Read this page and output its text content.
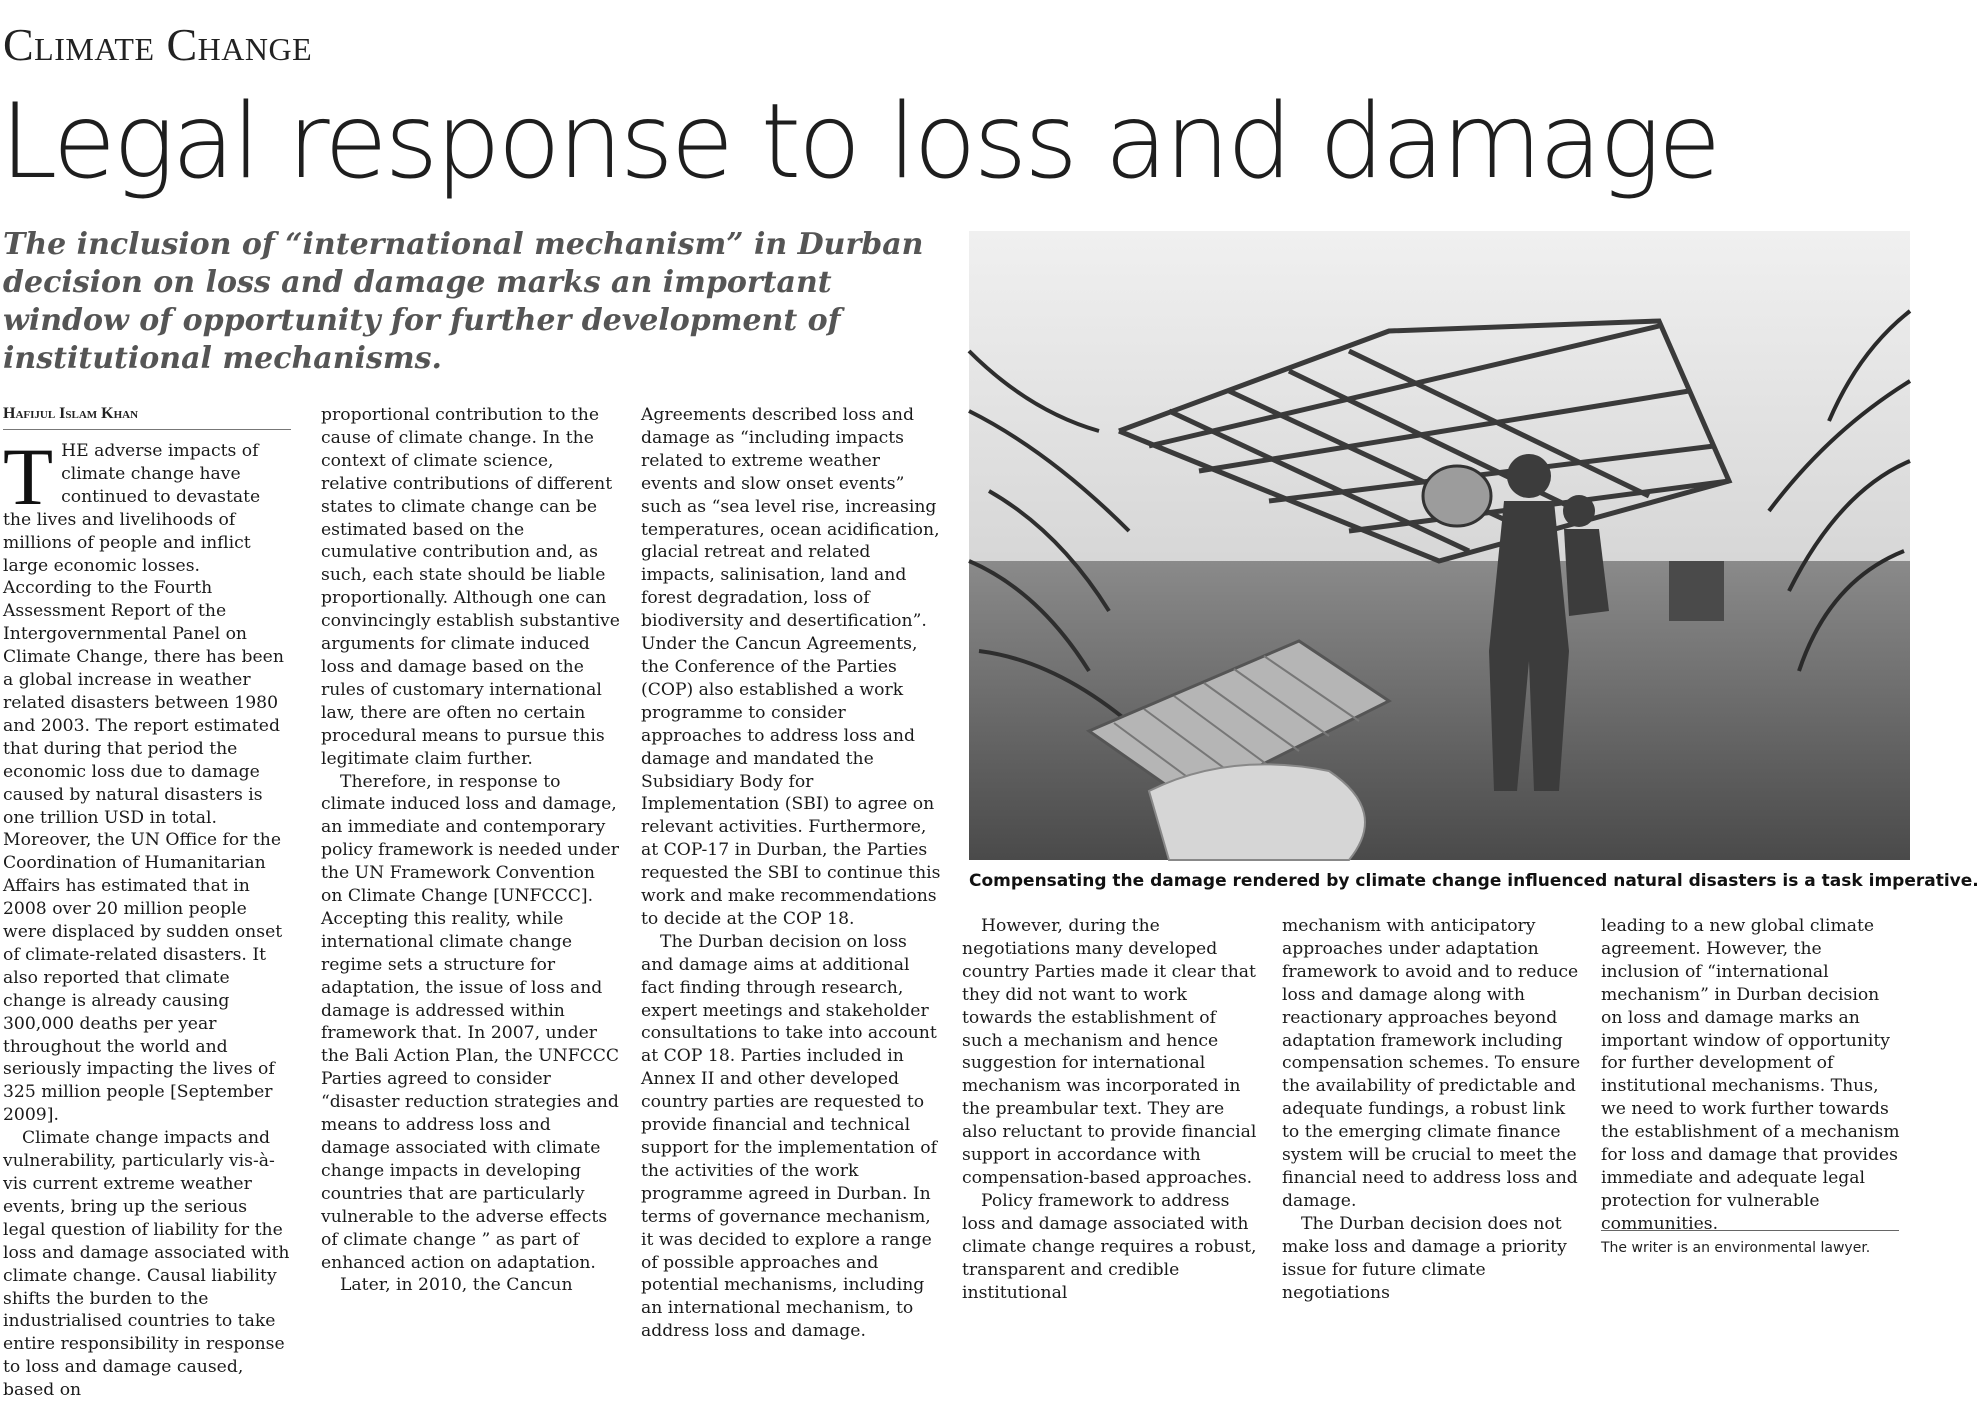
Climate Change
Legal response to loss and damage
The inclusion of “international mechanism” in Durban decision on loss and damage marks an important window of opportunity for further development of institutional mechanisms.
Compensating the damage rendered by climate change influenced natural disasters is a task imperative.
Hafijul Islam Khan

THE adverse impacts of climate change have continued to devastate the lives and livelihoods of millions of people and inflict large economic losses. According to the Fourth Assessment Report of the Intergovernmental Panel on Climate Change, there has been a global increase in weather related disasters between 1980 and 2003. The report estimated that during that period the economic loss due to damage caused by natural disasters is one trillion USD in total. Moreover, the UN Office for the Coordination of Humanitarian Affairs has estimated that in 2008 over 20 million people were displaced by sudden onset of climate-related disasters. It also reported that climate change is already causing 300,000 deaths per year throughout the world and seriously impacting the lives of 325 million people [September 2009].

Climate change impacts and vulnerability, particularly vis-à-vis current extreme weather events, bring up the serious legal question of liability for the loss and damage associated with climate change. Causal liability shifts the burden to the industrialised countries to take entire responsibility in response to loss and damage caused, based on

proportional contribution to the cause of climate change. In the context of climate science, relative contributions of different states to climate change can be estimated based on the cumulative contribution and, as such, each state should be liable proportionally. Although one can convincingly establish substantive arguments for climate induced loss and damage based on the rules of customary international law, there are often no certain procedural means to pursue this legitimate claim further.

Therefore, in response to climate induced loss and damage, an immediate and contemporary policy framework is needed under the UN Framework Convention on Climate Change [UNFCCC]. Accepting this reality, while international climate change regime sets a structure for adaptation, the issue of loss and damage is addressed within framework that. In 2007, under the Bali Action Plan, the UNFCCC Parties agreed to consider “disaster reduction strategies and means to address loss and damage associated with climate change impacts in developing countries that are particularly vulnerable to the adverse effects of climate change ” as part of enhanced action on adaptation.

Later, in 2010, the Cancun

Agreements described loss and damage as “including impacts related to extreme weather events and slow onset events” such as “sea level rise, increasing temperatures, ocean acidification, glacial retreat and related impacts, salinisation, land and forest degradation, loss of biodiversity and desertification”. Under the Cancun Agreements, the Conference of the Parties (COP) also established a work programme to consider approaches to address loss and damage and mandated the Subsidiary Body for Implementation (SBI) to agree on relevant activities. Furthermore, at COP-17 in Durban, the Parties requested the SBI to continue this work and make recommendations to decide at the COP 18.

The Durban decision on loss and damage aims at additional fact finding through research, expert meetings and stakeholder consultations to take into account at COP 18. Parties included in Annex II and other developed country parties are requested to provide financial and technical support for the implementation of the activities of the work programme agreed in Durban. In terms of governance mechanism, it was decided to explore a range of possible approaches and potential mechanisms, including an international mechanism, to address loss and damage.

However, during the negotiations many developed country Parties made it clear that they did not want to work towards the establishment of such a mechanism and hence suggestion for international mechanism was incorporated in the preambular text. They are also reluctant to provide financial support in accordance with compensation-based approaches.

Policy framework to address loss and damage associated with climate change requires a robust, transparent and credible institutional

mechanism with anticipatory approaches under adaptation framework to avoid and to reduce loss and damage along with reactionary approaches beyond adaptation framework including compensation schemes. To ensure the availability of predictable and adequate fundings, a robust link to the emerging climate finance system will be crucial to meet the financial need to address loss and damage.

The Durban decision does not make loss and damage a priority issue for future climate negotiations

leading to a new global climate agreement. However, the inclusion of “international mechanism” in Durban decision on loss and damage marks an important window of opportunity for further development of institutional mechanisms. Thus, we need to work further towards the establishment of a mechanism for loss and damage that provides immediate and adequate legal protection for vulnerable communities.

The writer is an environmental lawyer.
